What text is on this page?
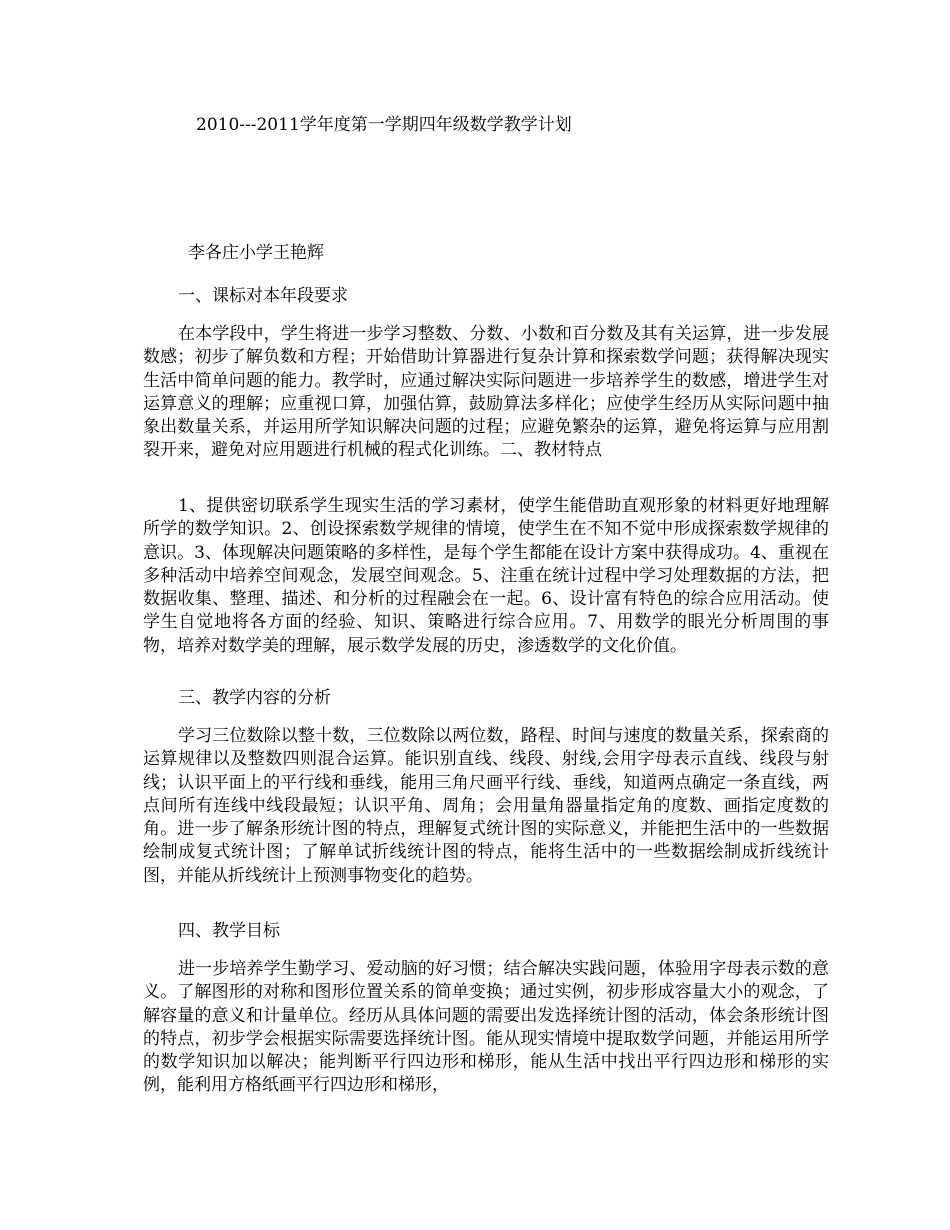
2010---2011学年度第一学期四年级数学教学计划
李各庄小学王艳辉
一、课标对本年段要求

在本学段中，学生将进一步学习整数、分数、小数和百分数及其有关运算，进一步发展数感；初步了解负数和方程；开始借助计算器进行复杂计算和探索数学问题；获得解决现实生活中简单问题的能力。教学时，应通过解决实际问题进一步培养学生的数感，增进学生对运算意义的理解；应重视口算，加强估算，鼓励算法多样化；应使学生经历从实际问题中抽象出数量关系，并运用所学知识解决问题的过程；应避免繁杂的运算，避免将运算与应用割裂开来，避免对应用题进行机械的程式化训练。二、教材特点

1、提供密切联系学生现实生活的学习素材，使学生能借助直观形象的材料更好地理解所学的数学知识。2、创设探索数学规律的情境，使学生在不知不觉中形成探索数学规律的意识。3、体现解决问题策略的多样性，是每个学生都能在设计方案中获得成功。4、重视在多种活动中培养空间观念，发展空间观念。5、注重在统计过程中学习处理数据的方法，把数据收集、整理、描述、和分析的过程融会在一起。6、设计富有特色的综合应用活动。使学生自觉地将各方面的经验、知识、策略进行综合应用。7、用数学的眼光分析周围的事物，培养对数学美的理解，展示数学发展的历史，渗透数学的文化价值。

三、教学内容的分析

学习三位数除以整十数，三位数除以两位数，路程、时间与速度的数量关系，探索商的运算规律以及整数四则混合运算。能识别直线、线段、射线,会用字母表示直线、线段与射线；认识平面上的平行线和垂线，能用三角尺画平行线、垂线，知道两点确定一条直线，两点间所有连线中线段最短；认识平角、周角；会用量角器量指定角的度数、画指定度数的角。进一步了解条形统计图的特点，理解复式统计图的实际意义，并能把生活中的一些数据绘制成复式统计图；了解单试折线统计图的特点，能将生活中的一些数据绘制成折线统计图，并能从折线统计上预测事物变化的趋势。

四、教学目标

进一步培养学生勤学习、爱动脑的好习惯；结合解决实践问题，体验用字母表示数的意义。了解图形的对称和图形位置关系的简单变换；通过实例，初步形成容量大小的观念，了解容量的意义和计量单位。经历从具体问题的需要出发选择统计图的活动，体会条形统计图的特点，初步学会根据实际需要选择统计图。能从现实情境中提取数学问题，并能运用所学的数学知识加以解决；能判断平行四边形和梯形，能从生活中找出平行四边形和梯形的实例，能利用方格纸画平行四边形和梯形，
